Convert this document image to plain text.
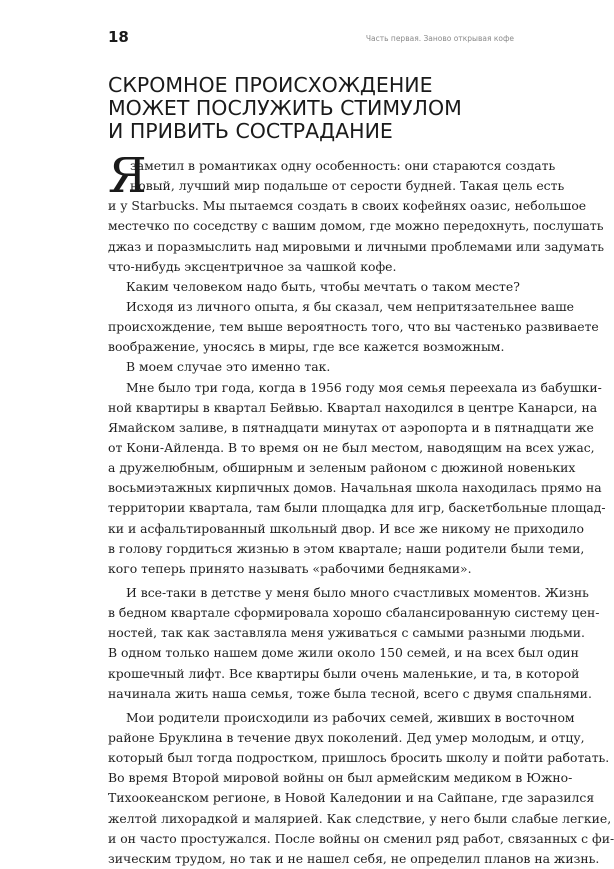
18	Часть первая. Заново открывая кофе
СКРОМНОЕ ПРОИСХОЖДЕНИЕ
МОЖЕТ ПОСЛУЖИТЬ СТИМУЛОМ
И ПРИВИТЬ СОСТРАДАНИЕ
Я
заметил в романтиках одну особенность: они стараются создать
новый, лучший мир подальше от серости будней. Такая цель есть
и у Starbucks. Мы пытаемся создать в своих кофейнях оазис, небольшое
местечко по соседству с вашим домом, где можно передохнуть, послушать
джаз и поразмыслить над мировыми и личными проблемами или задумать
что-нибудь эксцентричное за чашкой кофе.
Каким человеком надо быть, чтобы мечтать о таком месте?
Исходя из личного опыта, я бы сказал, чем непритязательнее ваше
происхождение, тем выше вероятность того, что вы частенько развиваете
воображение, уносясь в миры, где все кажется возможным.
В моем случае это именно так.
Мне было три года, когда в 1956 году моя семья переехала из бабушки-
ной квартиры в квартал Бейвью. Квартал находился в центре Канарси, на
Ямайском заливе, в пятнадцати минутах от аэропорта и в пятнадцати же
от Кони-Айленда. В то время он не был местом, наводящим на всех ужас,
а дружелюбным, обширным и зеленым районом с дюжиной новеньких
восьмиэтажных кирпичных домов. Начальная школа находилась прямо на
территории квартала, там были площадка для игр, баскетбольные площад-
ки и асфальтированный школьный двор. И все же никому не приходило
в голову гордиться жизнью в этом квартале; наши родители были теми,
кого теперь принято называть «рабочими бедняками».
И все-таки в детстве у меня было много счастливых моментов. Жизнь
в бедном квартале сформировала хорошо сбалансированную систему цен-
ностей, так как заставляла меня уживаться с самыми разными людьми.
В одном только нашем доме жили около 150 семей, и на всех был один
крошечный лифт. Все квартиры были очень маленькие, и та, в которой
начинала жить наша семья, тоже была тесной, всего с двумя спальнями.
Мои родители происходили из рабочих семей, живших в восточном
районе Бруклина в течение двух поколений. Дед умер молодым, и отцу,
который был тогда подростком, пришлось бросить школу и пойти работать.
Во время Второй мировой войны он был армейским медиком в Южно-
Тихоокеанском регионе, в Новой Каледонии и на Сайпане, где заразился
желтой лихорадкой и малярией. Как следствие, у него были слабые легкие,
и он часто простужался. После войны он сменил ряд работ, связанных с фи-
зическим трудом, но так и не нашел себя, не определил планов на жизнь.
